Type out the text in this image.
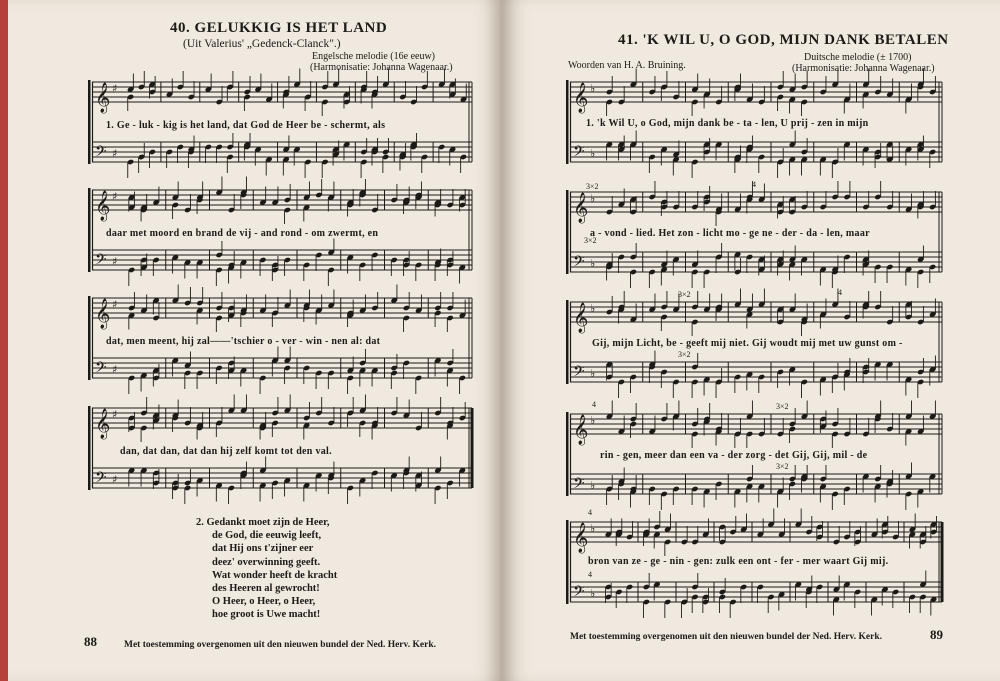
40. GELUKKIG IS HET LAND
(Uit Valerius' „Gedenck-Clanck".)
Engelsche melodie (16e eeuw)
(Harmonisatie: Johanna Wagenaar.)
𝄞
𝄢
♯
♯
1. Ge - luk - kig is het land, dat God de Heer be - schermt, als
𝄞
𝄢
♯
♯
daar met moord en brand de vij - and rond - om zwermt, en
𝄞
𝄢
♯
♯
dat, men meent, hij zal——'tschier o - ver - win - nen al: dat
𝄞
𝄢
♯
♯
dan, dat dan, dat dan hij zelf komt tot den val.
2. Gedankt moet zijn de Heer,
de God, die eeuwig leeft,
dat Hij ons t'zijner eer
deez' overwinning geeft.
Wat wonder heeft de kracht
des Heeren al gewrocht!
O Heer, o Heer, o Heer,
hoe groot is Uwe macht!
88	Met toestemming overgenomen uit den nieuwen bundel der Ned. Herv. Kerk.
41. 'K WIL U, O GOD, MIJN DANK BETALEN
Woorden van H. A. Bruining.
Duitsche melodie (± 1700)
(Harmonisatie: Johanna Wagenaar.)
𝄞
𝄢
♭
♭
1. 'k Wil U, o God, mijn dank be - ta - len, U prij - zen in mijn
𝄞
𝄢
♭
♭
a - vond - lied. Het zon - licht mo - ge ne - der - da - len, maar
3×2	4
3×2
𝄞
𝄢
♭
♭
Gij, mijn Licht, be - geeft mij niet. Gij woudt mij met uw gunst om -
4
3×2
3×2
𝄞
𝄢
♭
♭
rin - gen, meer dan een va - der zorg - det Gij, Gij, mil - de
4	3×2
3×2
𝄞
𝄢
♭
♭
bron van ze - ge - nin - gen: zulk een ont - fer - mer waart Gij mij.
4
4
Met toestemming overgenomen uit den nieuwen bundel der Ned. Herv. Kerk.	89
